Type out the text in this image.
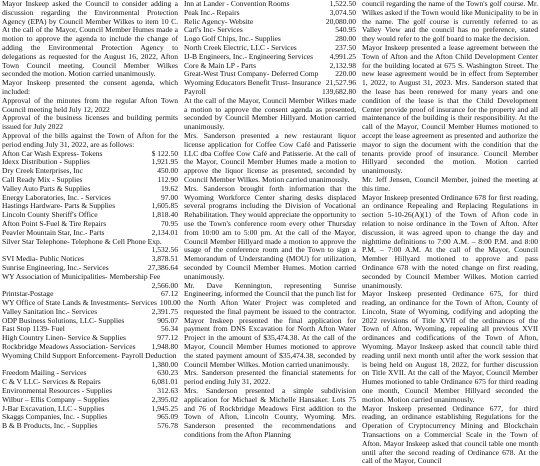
Mayor Inskeep asked the Council to consider adding a discussion regarding the Environmental Protection Agency (EPA) by Council Member Wilkes to item 10 C. At the call of the Mayor, Council Member Humes made a motion to approve the agenda to include the change of adding the Environmental Protection Agency to delegations as requested for the August 16, 2022, Afton Town Council meeting. Council Member Wilkes seconded the motion. Motion carried unanimously.

Mayor Inskeep presented the consent agenda, which included:

Approval of the minutes from the regular Afton Town Council meeting held July 12, 2022

Approval of the business licenses and building permits issued for July 2022

Approval of the bills against the Town of Afton for the period ending July 31, 2022, are as follows:

Afton Car Wash Express- Tokens	$ 122.50
Idexx Distribution - Supplies	1,921.95
Dry Creek Enterprises, Inc	450.00
Call Ready Mix - Supplies	112.90
Valley Auto Parts & Supplies	19.62
Energy Laboratories, Inc. - Services	97.00
Hastings Hardware- Parts & Supplies	1,605.85
Lincoln County Sheriff's Office	1,818.40
Afton Point S-Fuel & Tire Repairs	70.95
Peavler Mountain Star, Inc.- Parts	2,134.01
Silver Star Telephone- Telephone & Cell Phone Exp.
1,532.56
SVI Media- Public Notices	3,878.51
Sunrise Engineering, Inc.- Services	27,386.64
WY Association of Municipalities- Membership Fee
2,566.00
Printstar-Postage	67.12
WY Office of State Lands & Investments- Services 100.00
Valley Sanitation Inc.- Services	2,391.75
ODP Business Solutions, LLC- Supplies	905.07
Fast Stop 1139- Fuel	56.34
High Country Linen- Service & Supplies	977.12
Rockbridge Meadows Association- Services	1,948.80
Wyoming Child Support Enforcement- Payroll Deduction
1,380.00
Freedom Mailing - Services	630.23
C & V LLC- Services & Repairs	6,081.01
Environmental Resources - Supplies	312.63
Wilbur – Ellis Company – Supplies	2,395.02
J-Bar Excavation, LLC - Supplies	1,945.25
Skaggs Companies, Inc. - Supplies	965.09
B & B Products, Inc. - Supplies	576.78
Inn at Lander - Convention Rooms	1,522.50
Peak Inc.- Repairs	3,074.50
Relic Agency- Website	20,080.00
Carl's Inc- Services	540.95
Logo Golf Chips, Inc.- Supplies	280.00
North Creek Electric, LLC - Services	237.50
IJ-B Engineers, Inc.- Engineering Services	4,991.25
Core & Main LP - Parts	2,132.98
Great-West Trust Company- Deferred Comp	220.00
Wyoming Educators Benefit Trust- Insurance 21,527.96
Payroll	139,682.80

At the call of the Mayor, Council Member Wilkes made a motion to approve the consent agenda as presented, seconded by Council Member Hillyard. Motion carried unanimously.

Mrs. Sanderson presented a new restaurant liquor license application for Coffee Cow Café and Patisserie LLC dba Coffee Cow Café and Patisserie. At the call of the Mayor, Council Member Humes made a motion to approve the liquor license as presented, seconded by Council Member Wilkes. Motion carried unanimously.

Mrs. Sanderson brought forth information that the Wyoming Workforce Center sharing desks displaced several programs including the Division of Vocational Rehabilitation. They would appreciate the opportunity to use the Town's conference room every other Thursday from 10:00 am to 5:00 pm. At the call of the Mayor, Council Member Hillyard made a motion to approve the usage of the conference room and the Town to sign a Memorandum of Understanding (MOU) for utilization, seconded by Council Member Humes. Motion carried unanimously.

Mr. Dave Kennington, representing Sunrise Engineering, informed the Council that the punch list for the North Afton Water Project was completed and requested the final payment be issued to the contractor. Mayor Inskeep presented the final application for payment from DNS Excavation for North Afton Water Project in the amount of $35,474.38. At the call of the Mayor, Council Member Humes motioned to approve the stated payment amount of $35,474.38, seconded by Council Member Wilkes. Motion carried unanimously.

Mrs. Sanderson presented the financial statements for period ending July 31, 2022.

Mrs. Sanderson presented a simple subdivision application for Michael & Michelle Hansaker. Lots 75 and 76 of Rockbridge Meadows First addition to the Town of Afton, Lincoln County, Wyoming. Mrs. Sanderson presented the recommendations and conditions from the Afton Planning

council regarding the name of the Town's golf course. Mr. Wilkes asked if the Town would like Municipality to be in the name. The golf course is currently referred to as Valley View and the council has no preference, stated they would refer to the golf board to make the decision.

Mayor Inskeep presented a lease agreement between the Town of Afton and the Afton Child Development Center for the building located at 675 S. Washington Street. The new lease agreement would be in effect from September 1, 2022, to August 31, 2023. Mrs. Sanderson stated that the lease has been renewed for many years and one condition of the lease is that the Child Development Center provide proof of insurance for the property and all maintenance of the building is their responsibility. At the call of the Mayor, Council Member Humes motioned to accept the lease agreement as presented and authorize the mayor to sign the document with the condition that the tenants provide proof of insurance. Council Member Hillyard seconded the motion. Motion carried unanimously.

Mr. Jeff Jensen, Council Member, joined the meeting at this time.

Mayor Inskeep presented Ordinance 678 for first reading, an ordinance Repealing and Replacing Regulations in section 5-10-26(A)(1) of the Town of Afton code in relation to noise ordinance in the Town of Afton. After discussion, it was agreed upon to change the day and nighttime definitions to 7:00 A.M. – 8:00 P.M. and 8:00 P.M. – 7:00 A.M. At the call of the Mayor, Council Member Hillyard motioned to approve and pass Ordinance 678 with the noted change on first reading, seconded by Council Member Wilkes. Motion carried unanimously.

Mayor Inskeep presented Ordinance 675, for third reading, an ordinance for the Town of Afton, County of Lincoln, State of Wyoming, codifying and adopting the 2022 revisions of Title XVII of the ordinances of the Town of Afton, Wyoming, repealing all previous XVII ordinances and codifications of the Town of Afton, Wyoming. Mayor Inskeep asked that council table third reading until next month until after the work session that is being held on August 18, 2022, for further discussion on Title XVII. At the call of the Mayor, Council Member Humes motioned to table Ordinance 675 for third reading one month, Council Member Hillyard seconded the motion. Motion carried unanimously.

Mayor Inskeep presented Ordinance 677, for third reading, an ordinance establishing Regulations for the Operation of Cryptocurrency Mining and Blockchain Transactions on a Commercial Scale in the Town of Afton. Mayor Inskeep asked that council table one month until after the second reading of Ordinance 678. At the call of the Mayor, Council
